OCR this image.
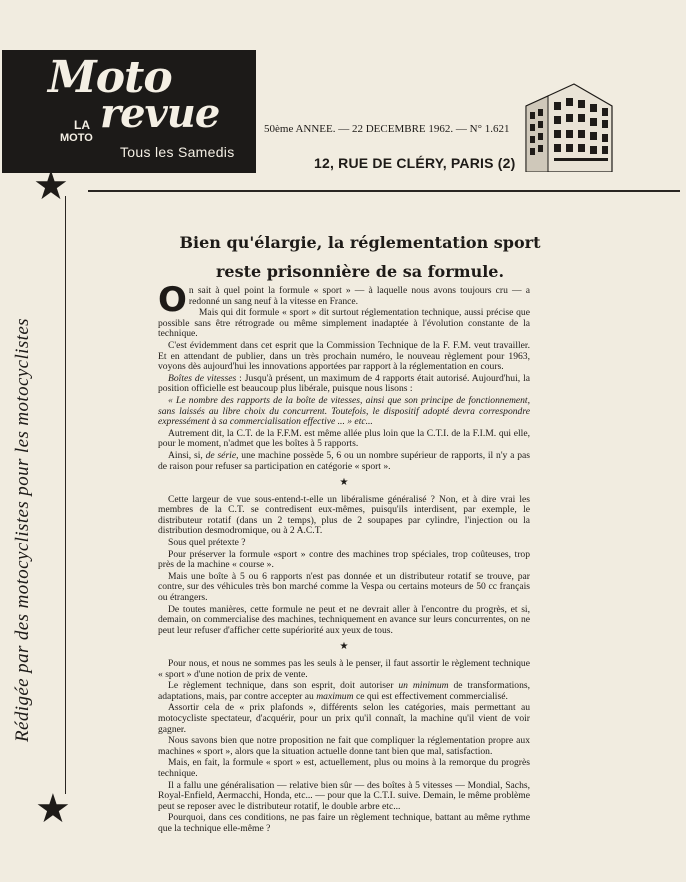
Moto
revue
LA
MOTO
Tous les Samedis
50ème ANNEE. — 22 DECEMBRE 1962. — N° 1.621
12, RUE DE CLÉRY, PARIS (2)
★
★
Rédigée par des motocyclistes pour les motocyclistes
Bien qu'élargie, la réglementation sport
reste prisonnière de sa formule.

On sait à quel point la formule « sport » — à laquelle nous avons toujours cru — a redonné un sang neuf à la vitesse en France.

Mais qui dit formule « sport » dit surtout réglementation technique, aussi précise que possible sans être rétrograde ou même simplement inadaptée à l'évolution constante de la technique.

C'est évidemment dans cet esprit que la Commission Technique de la F. F.M. veut travailler. Et en attendant de publier, dans un très prochain numéro, le nouveau règlement pour 1963, voyons dès aujourd'hui les innovations apportées par rapport à la réglementation en cours.

Boîtes de vitesses : Jusqu'à présent, un maximum de 4 rapports était autorisé. Aujourd'hui, la position officielle est beaucoup plus libérale, puisque nous lisons :

« Le nombre des rapports de la boîte de vitesses, ainsi que son principe de fonctionnement, sans laissés au libre choix du concurrent. Toutefois, le dispositif adopté devra correspondre expressément à sa commercialisation effective ... » etc...

Autrement dit, la C.T. de la F.F.M. est même allée plus loin que la C.T.I. de la F.I.M. qui elle, pour le moment, n'admet que les boîtes à 5 rapports.

Ainsi, si, de série, une machine possède 5, 6 ou un nombre supérieur de rapports, il n'y a pas de raison pour refuser sa participation en catégorie « sport ».

★

Cette largeur de vue sous-entend-t-elle un libéralisme généralisé ? Non, et à dire vrai les membres de la C.T. se contredisent eux-mêmes, puisqu'ils interdisent, par exemple, le distributeur rotatif (dans un 2 temps), plus de 2 soupapes par cylindre, l'injection ou la distribution desmodromique, ou à 2 A.C.T.

Sous quel prétexte ?

Pour préserver la formule «sport » contre des machines trop spéciales, trop coûteuses, trop près de la machine « course ».

Mais une boîte à 5 ou 6 rapports n'est pas donnée et un distributeur rotatif se trouve, par contre, sur des véhicules très bon marché comme la Vespa ou certains moteurs de 50 cc français ou étrangers.

De toutes manières, cette formule ne peut et ne devrait aller à l'encontre du progrès, et si, demain, on commercialise des machines, techniquement en avance sur leurs concurrentes, on ne peut leur refuser d'afficher cette supériorité aux yeux de tous.

★

Pour nous, et nous ne sommes pas les seuls à le penser, il faut assortir le règlement technique « sport » d'une notion de prix de vente.

Le règlement technique, dans son esprit, doit autoriser un minimum de transformations, adaptations, mais, par contre accepter au maximum ce qui est effectivement commercialisé.

Assortir cela de « prix plafonds », différents selon les catégories, mais permettant au motocycliste spectateur, d'acquérir, pour un prix qu'il connaît, la machine qu'il vient de voir gagner.

Nous savons bien que notre proposition ne fait que compliquer la réglementation propre aux machines « sport », alors que la situation actuelle donne tant bien que mal, satisfaction.

Mais, en fait, la formule « sport » est, actuellement, plus ou moins à la remorque du progrès technique.

Il a fallu une généralisation — relative bien sûr — des boîtes à 5 vitesses — Mondial, Sachs, Royal-Enfield, Aermacchi, Honda, etc... — pour que la C.T.I. suive. Demain, le même problème peut se reposer avec le distributeur rotatif, le double arbre etc...

Pourquoi, dans ces conditions, ne pas faire un règlement technique, battant au même rythme que la technique elle-même ?
